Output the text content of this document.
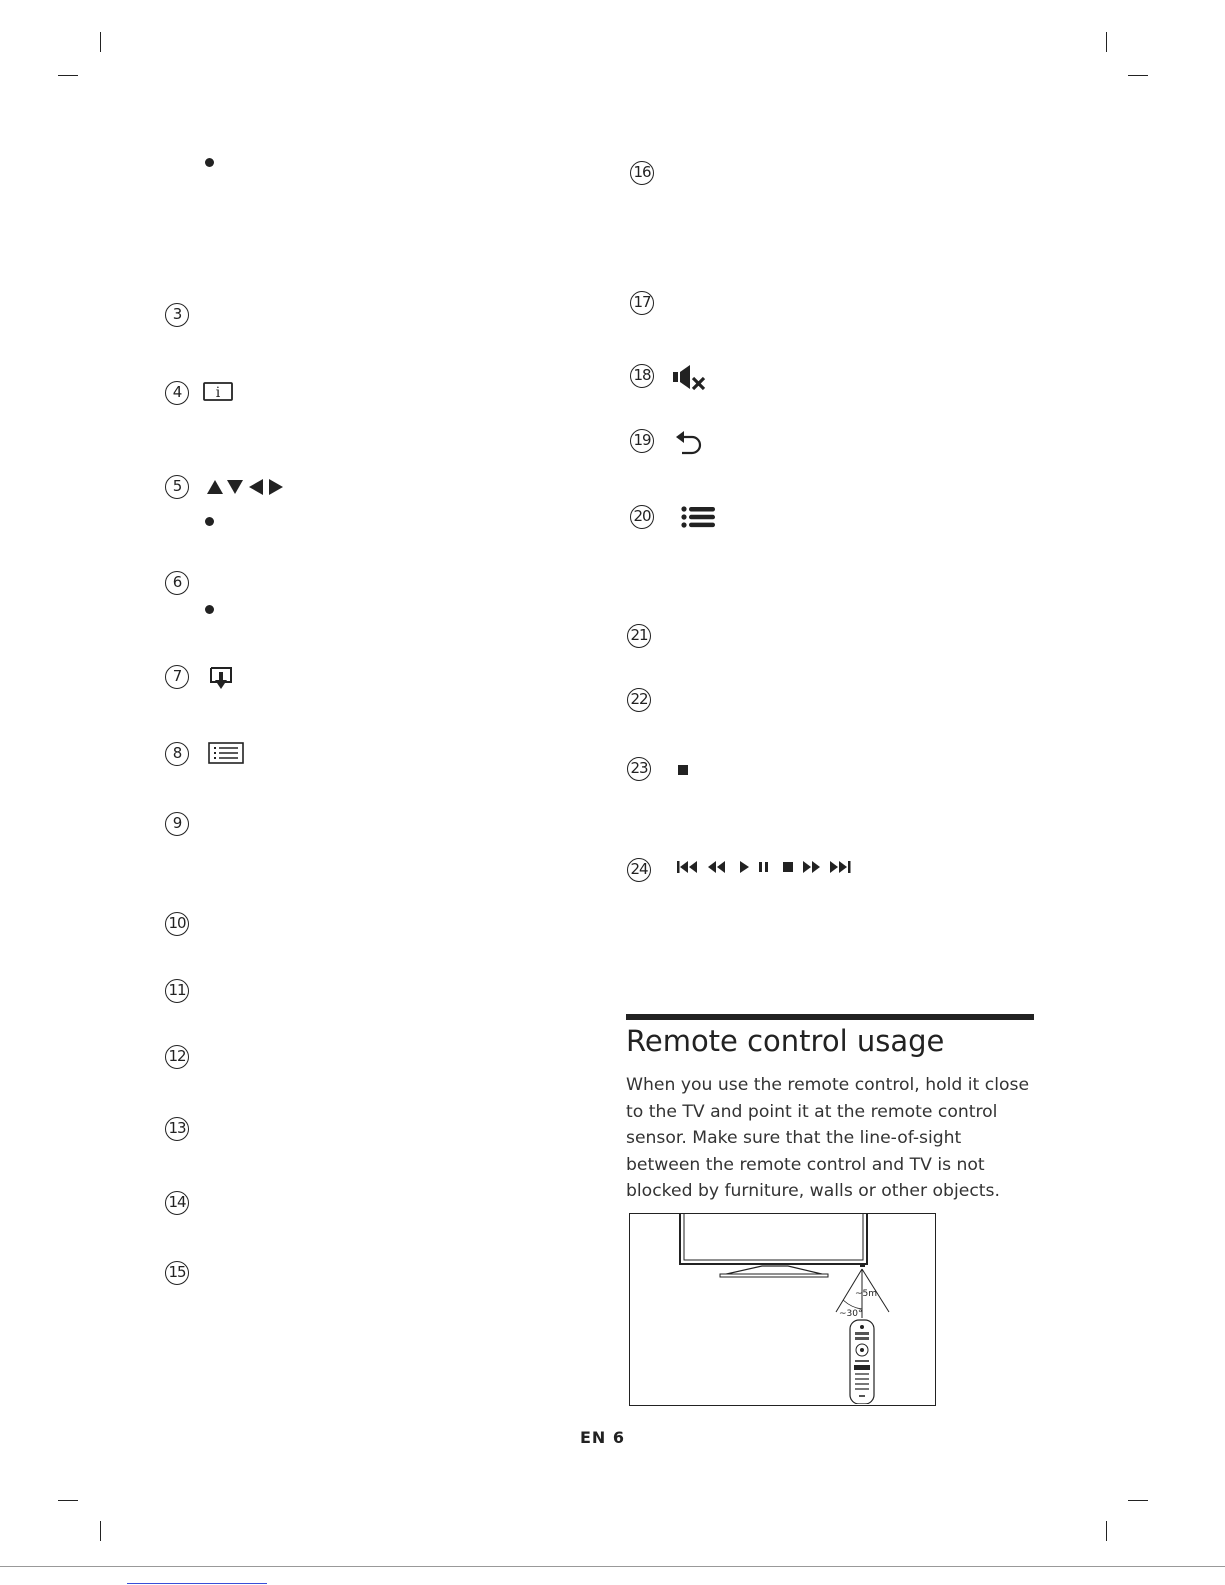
3
4	i
5
6
7
8
9
10
11
12
13
14
15
16
17
18
19
20
21
22
23
24
Remote control usage
When you use the remote control, hold it close to the TV and point it at the remote control sensor. Make sure that the line-of-sight between the remote control and TV is not blocked by furniture, walls or other objects.
~5m
~30°
EN 6
